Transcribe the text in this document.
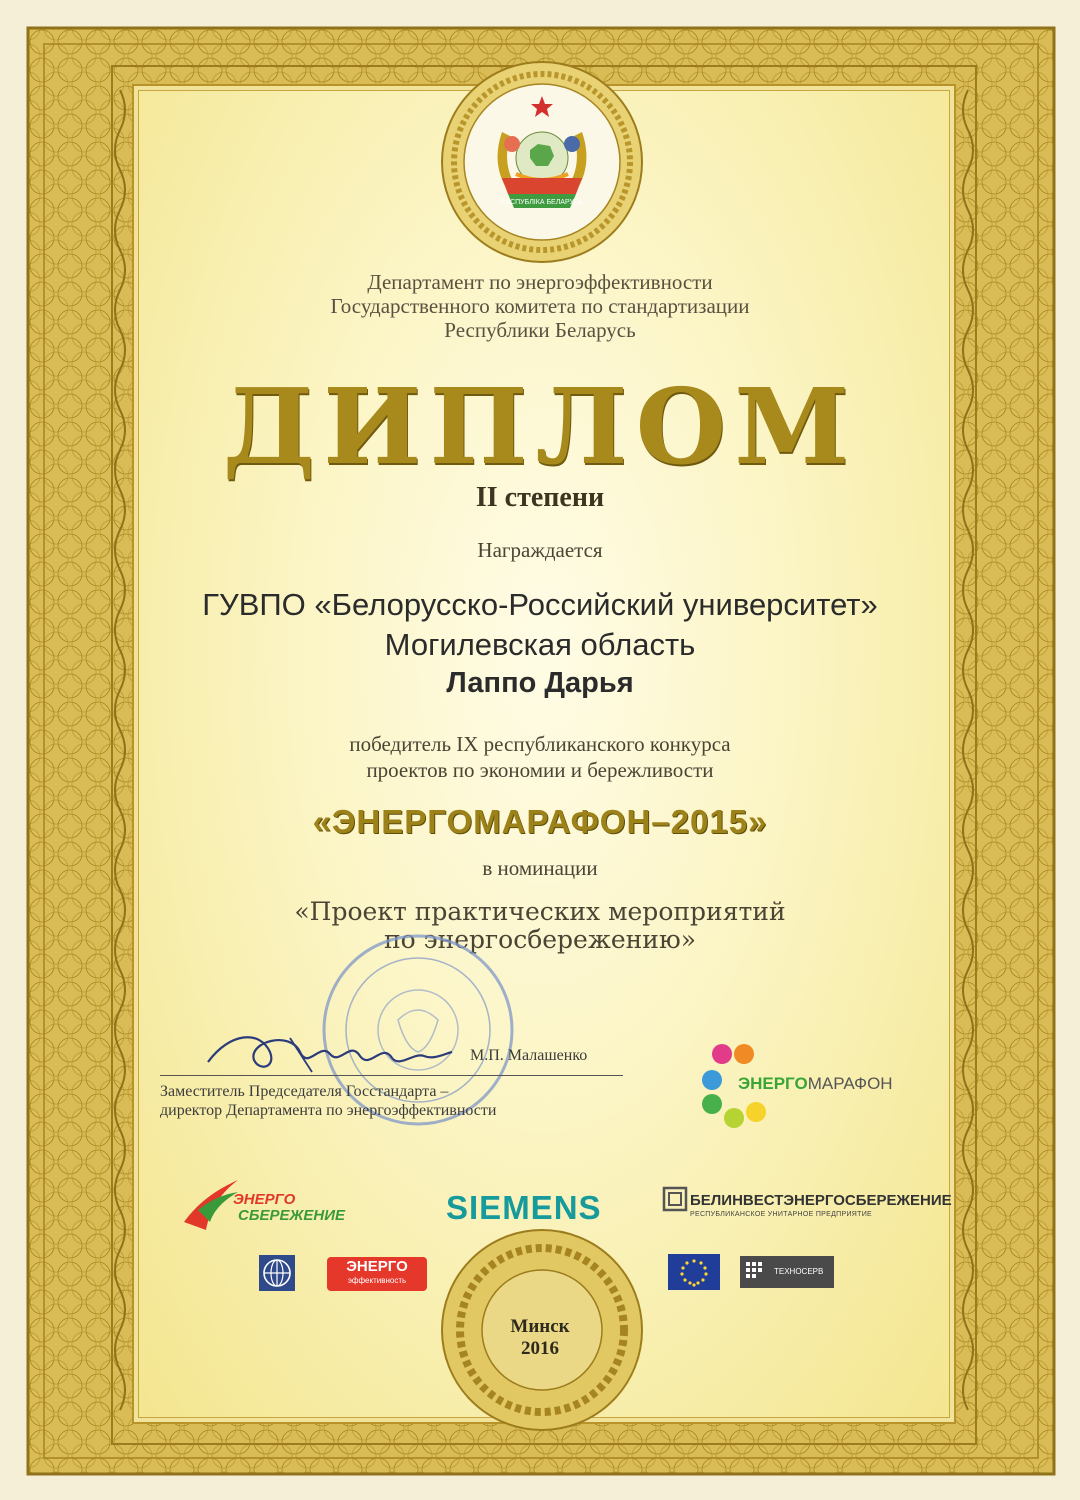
РЭСПУБЛІКА БЕЛАРУСЬ
Департамент по энергоэффективности
Государственного комитета по стандартизации
Республики Беларусь
ДИПЛОМ
II степени
Награждается
ГУВПО «Белорусско-Российский университет»
Могилевская область
Лаппо Дарья
победитель IX республиканского конкурса
проектов по экономии и бережливости
«ЭНЕРГОМАРАФОН–2015»
в номинации
«Проект практических мероприятий
по энергосбережению»
М.П. Малашенко
Заместитель Председателя Госстандарта –
директор Департамента по энергоэффективности
ЭНЕРГОМАРАФОН
ЭНЕРГО
СБЕРЕЖЕНИЕ	SIEMENS	БЕЛИНВЕСТЭНЕРГОСБЕРЕЖЕНИЕ
РЕСПУБЛИКАНСКОЕ УНИТАРНОЕ ПРЕДПРИЯТИЕ
ЭНЕРГО
эффективность
ТЕХНОСЕРВ
Минск
2016
